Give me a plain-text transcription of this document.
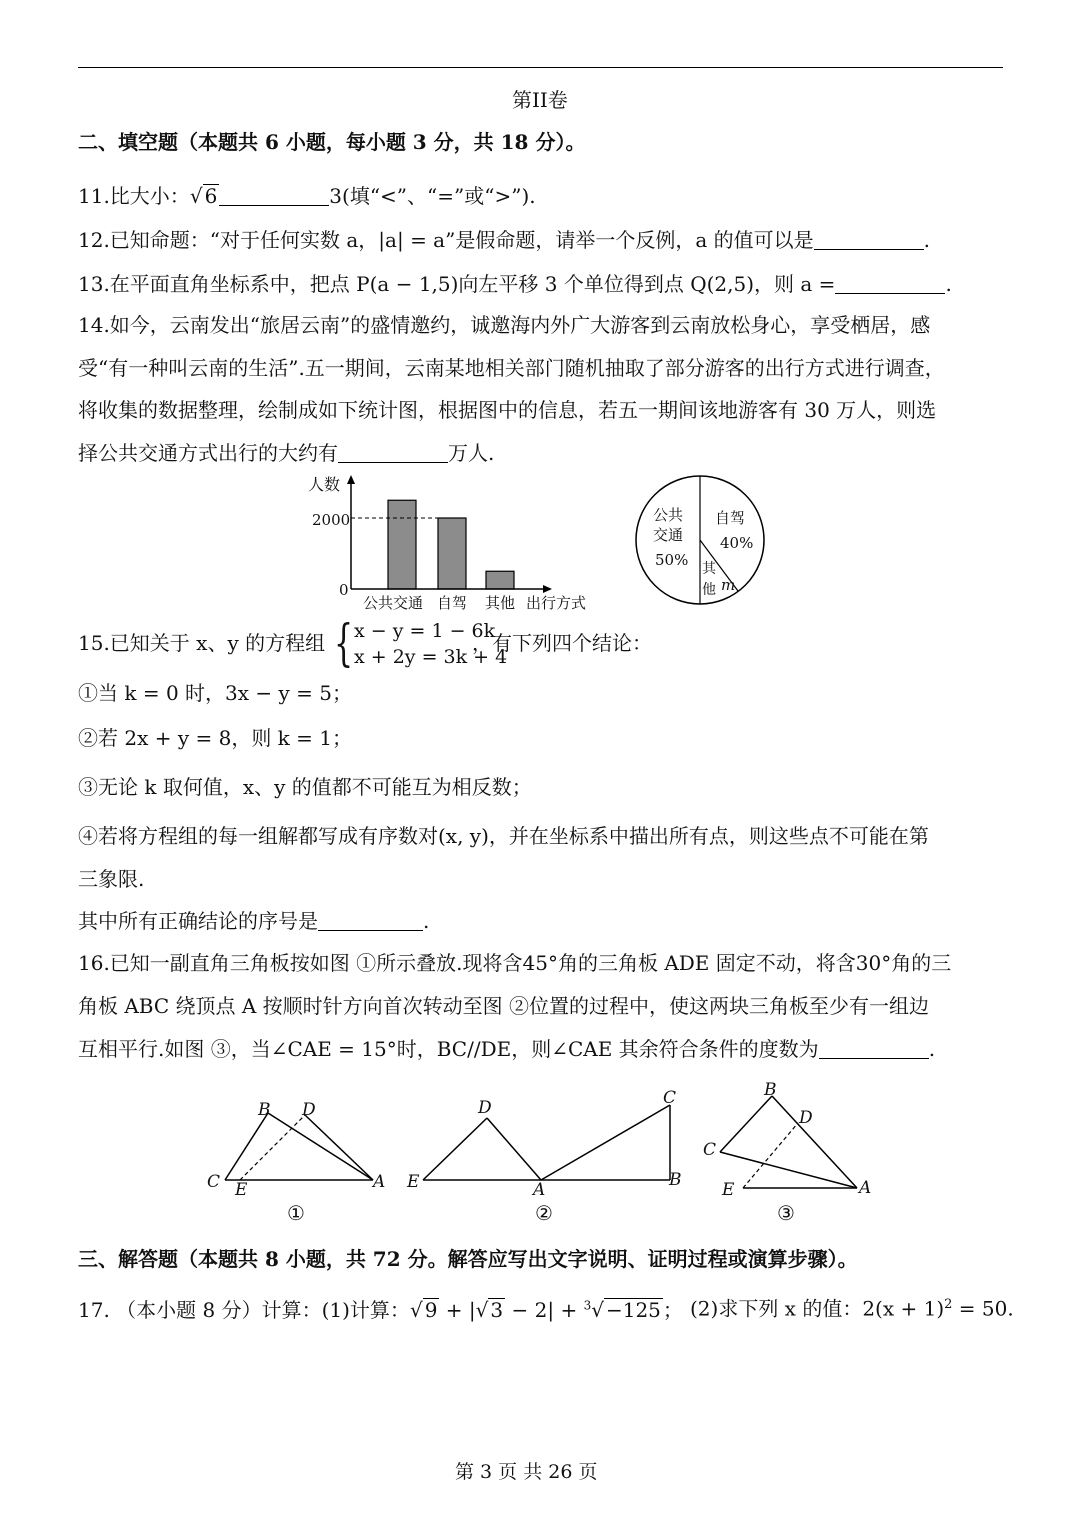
第II卷
二、填空题（本题共 6 小题，每小题 3 分，共 18 分）。
11.比大小：√ 6	3(填“<”、“=”或“>”).
12.已知命题：“对于任何实数 a，|a| = a”是假命题，请举一个反例，a 的值可以是	.
13.在平面直角坐标系中，把点 P(a − 1,5)向左平移 3 个单位得到点 Q(2,5)，则 a =	.
14.如今，云南发出“旅居云南”的盛情邀约，诚邀海内外广大游客到云南放松身心，享受栖居，感
受“有一种叫云南的生活”.五一期间，云南某地相关部门随机抽取了部分游客的出行方式进行调查，
将收集的数据整理，绘制成如下统计图，根据图中的信息，若五一期间该地游客有 30 万人，则选
择公共交通方式出行的大约有	万人.
人数
2000
0
公共交通 自驾 其他 出行方式
公共
交通
50%
自驾
40%
其
他 m
15.已知关于 x、y 的方程组 { x − y = 1 − 6k
x + 2y = 3k + 4
，有下列四个结论：
①当 k = 0 时，3x − y = 5；
②若 2x + y = 8，则 k = 1；
③无论 k 取何值，x、y 的值都不可能互为相反数；
④若将方程组的每一组解都写成有序数对(x, y)，并在坐标系中描出所有点，则这些点不可能在第
三象限.
其中所有正确结论的序号是	.
16.已知一副直角三角板按如图 ①所示叠放.现将含45°角的三角板 ADE 固定不动，将含30°角的三
角板 ABC 绕顶点 A 按顺时针方向首次转动至图 ②位置的过程中，使这两块三角板至少有一组边
互相平行.如图 ③，当∠CAE = 15°时，BC//DE，则∠CAE 其余符合条件的度数为	.
B D
C E	A
①
D	C
E	A	B
②
B
D
C
E	A
③
三、解答题（本题共 8 小题，共 72 分。解答应写出文字说明、证明过程或演算步骤）。
17. （本小题 8 分）计算：(1)计算：√ 9 + |√ 3 − 2| + $^3$√ −125 ； (2)求下列 x 的值：$2(x + 1)^2 = 50$.
第 3 页 共 26 页
